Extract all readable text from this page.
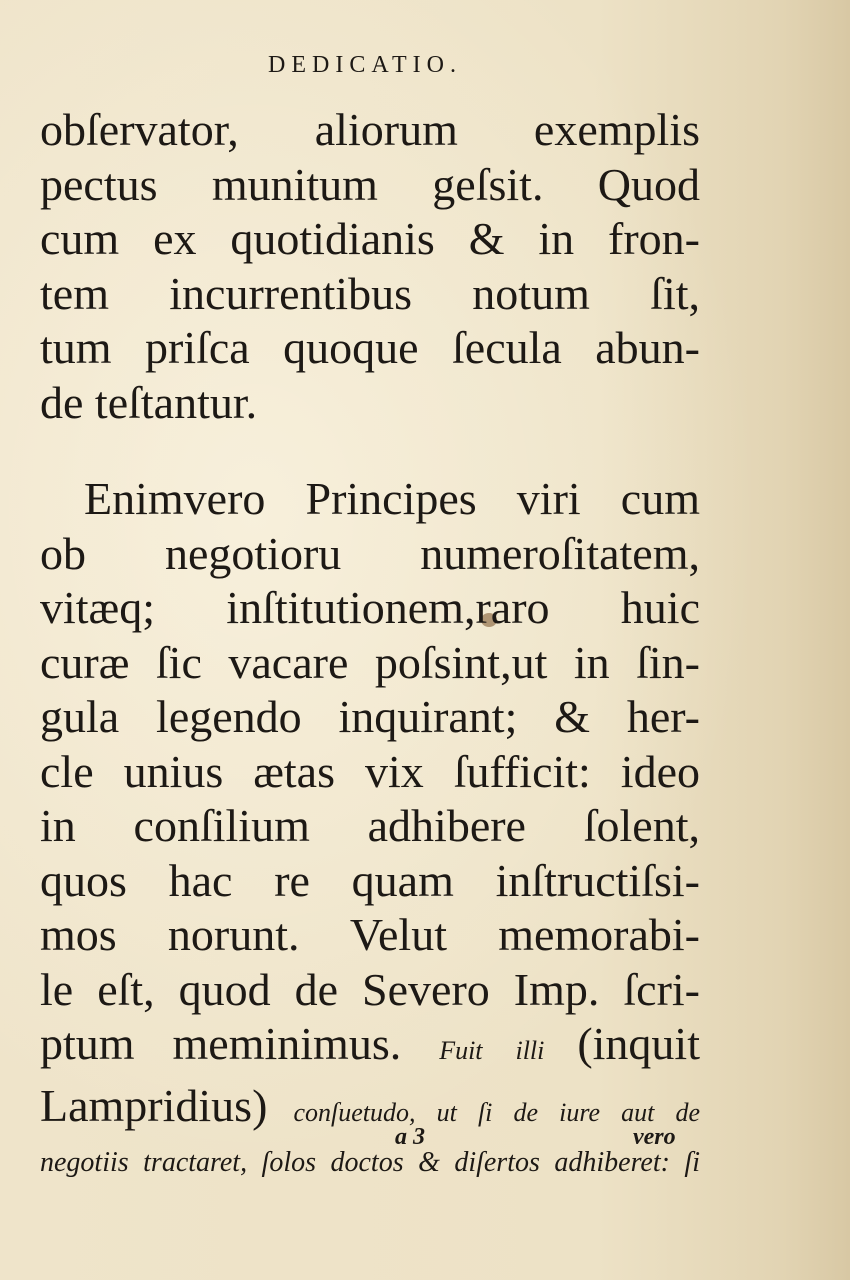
DEDICATIO.
obſervator, aliorum exemplis
pectus munitum geſsit. Quod
cum ex quotidianis & in fron-
tem incurrentibus notum ſit,
tum priſca quoque ſecula abun-
de teſtantur.
Enimvero Principes viri cum
ob negotioru numeroſitatem,
vitæq; inſtitutionem,raro huic
curæ ſic vacare poſsint,ut in ſin-
gula legendo inquirant; & her-
cle unius ætas vix ſufficit: ideo
in conſilium adhibere ſolent,
quos hac re quam inſtructiſsi-
mos norunt. Velut memorabi-
le eſt, quod de Severo Imp. ſcri-
ptum meminimus. Fuit illi (inquit
Lampridius) conſuetudo, ut ſi de iure aut de
negotiis tractaret, ſolos doctos & diſertos adhiberet: ſi
a 3	vero
